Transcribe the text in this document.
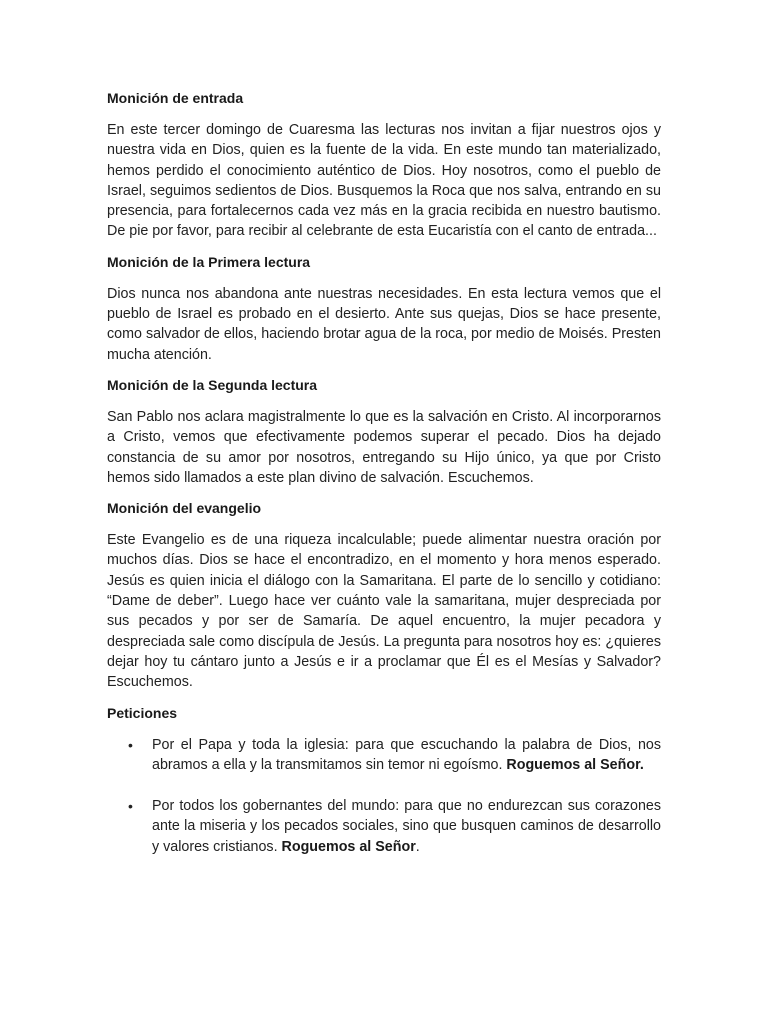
Monición de entrada

En este tercer domingo de Cuaresma las lecturas nos invitan a fijar nuestros ojos y nuestra vida en Dios, quien es la fuente de la vida. En este mundo tan materializado, hemos perdido el conocimiento auténtico de Dios. Hoy nosotros, como el pueblo de Israel, seguimos sedientos de Dios. Busquemos la Roca que nos salva, entrando en su presencia, para fortalecernos cada vez más en la gracia recibida en nuestro bautismo. De pie por favor, para recibir al celebrante de esta Eucaristía con el canto de entrada...

Monición de la Primera lectura

Dios nunca nos abandona ante nuestras necesidades. En esta lectura vemos que el pueblo de Israel es probado en el desierto. Ante sus quejas, Dios se hace presente, como salvador de ellos, haciendo brotar agua de la roca, por medio de Moisés. Presten mucha atención.

Monición de la Segunda lectura

San Pablo nos aclara magistralmente lo que es la salvación en Cristo. Al incorporarnos a Cristo, vemos que efectivamente podemos superar el pecado. Dios ha dejado constancia de su amor por nosotros, entregando su Hijo único, ya que por Cristo hemos sido llamados a este plan divino de salvación. Escuchemos.

Monición del evangelio

Este Evangelio es de una riqueza incalculable; puede alimentar nuestra oración por muchos días. Dios se hace el encontradizo, en el momento y hora menos esperado. Jesús es quien inicia el diálogo con la Samaritana. El parte de lo sencillo y cotidiano: “Dame de deber”. Luego hace ver cuánto vale la samaritana, mujer despreciada por sus pecados y por ser de Samaría. De aquel encuentro, la mujer pecadora y despreciada sale como discípula de Jesús. La pregunta para nosotros hoy es: ¿quieres dejar hoy tu cántaro junto a Jesús e ir a proclamar que Él es el Mesías y Salvador? Escuchemos.

Peticiones
• Por el Papa y toda la iglesia: para que escuchando la palabra de Dios, nos abramos a ella y la transmitamos sin temor ni egoísmo. Roguemos al Señor.
• Por todos los gobernantes del mundo: para que no endurezcan sus corazones ante la miseria y los pecados sociales, sino que busquen caminos de desarrollo y valores cristianos. Roguemos al Señor.
